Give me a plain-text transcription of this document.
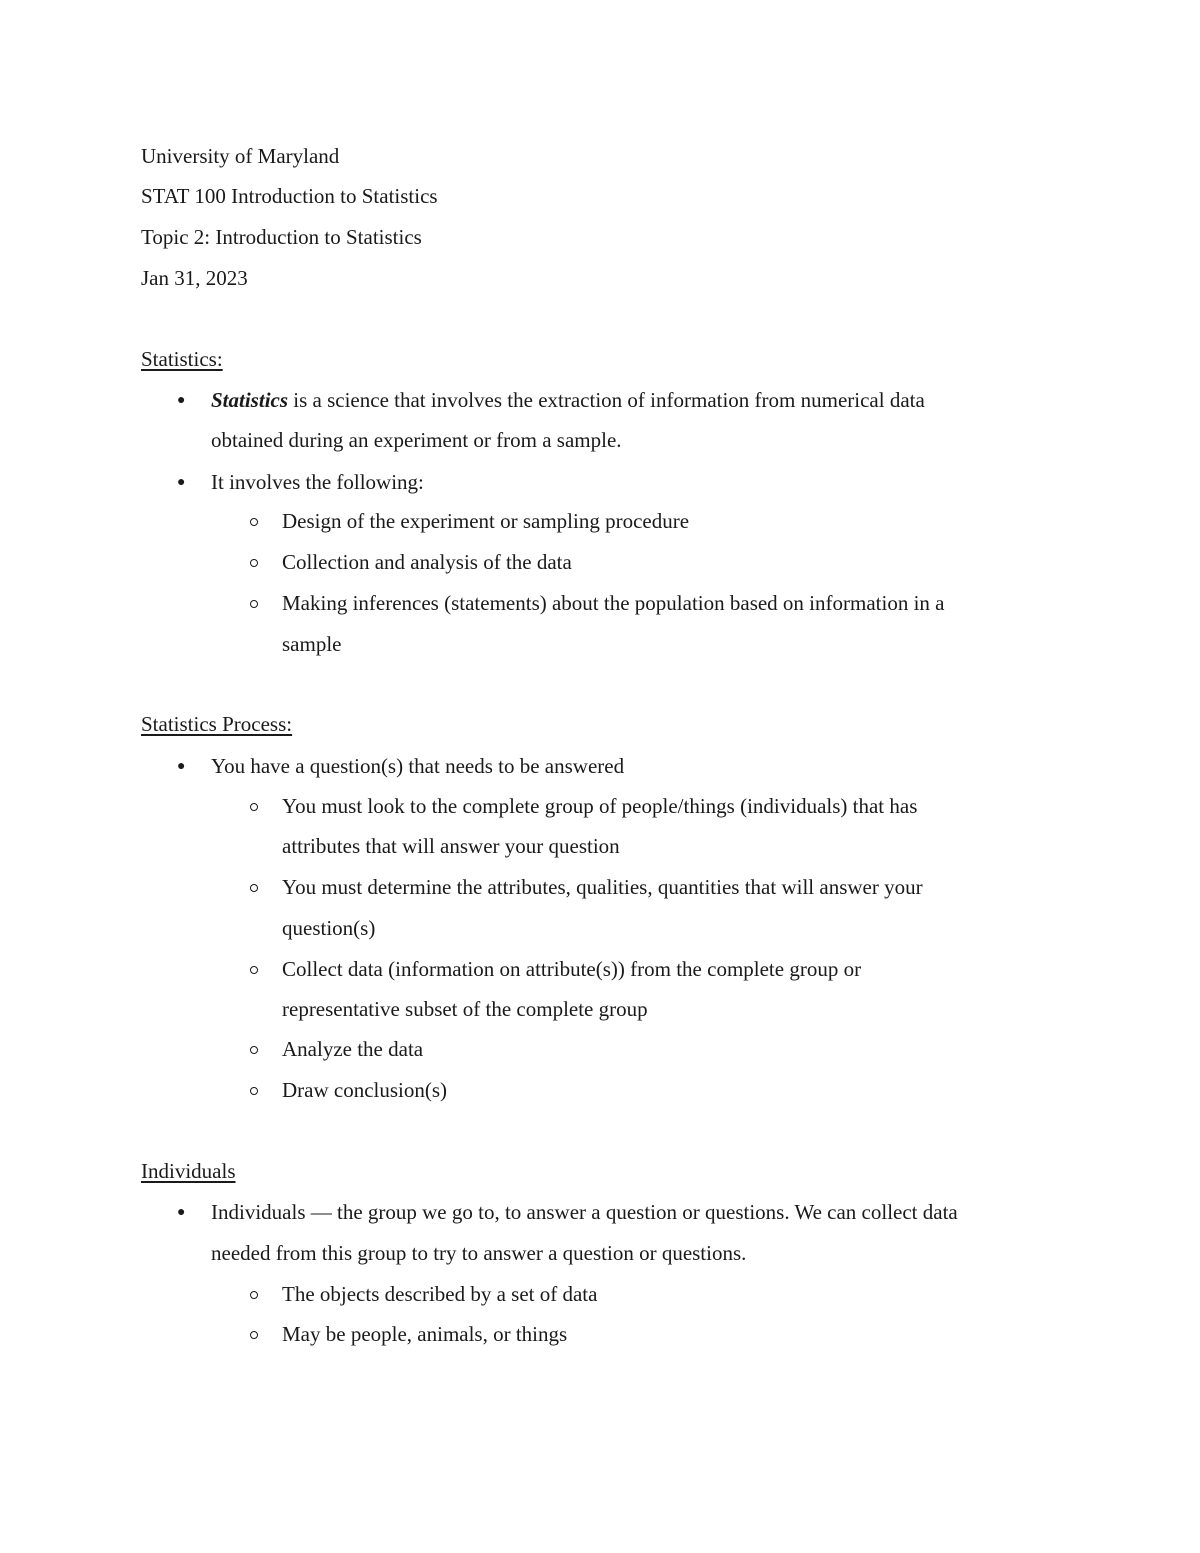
University of Maryland
STAT 100 Introduction to Statistics
Topic 2: Introduction to Statistics
Jan 31, 2023
Statistics:
● Statistics is a science that involves the extraction of information from numerical data
obtained during an experiment or from a sample.
● It involves the following:
Design of the experiment or sampling procedure
Collection and analysis of the data
Making inferences (statements) about the population based on information in a
sample
Statistics Process:
● You have a question(s) that needs to be answered
You must look to the complete group of people/things (individuals) that has
attributes that will answer your question
You must determine the attributes, qualities, quantities that will answer your
question(s)
Collect data (information on attribute(s)) from the complete group or
representative subset of the complete group
Analyze the data
Draw conclusion(s)
Individuals
● Individuals — the group we go to, to answer a question or questions. We can collect data
needed from this group to try to answer a question or questions.
The objects described by a set of data
May be people, animals, or things
